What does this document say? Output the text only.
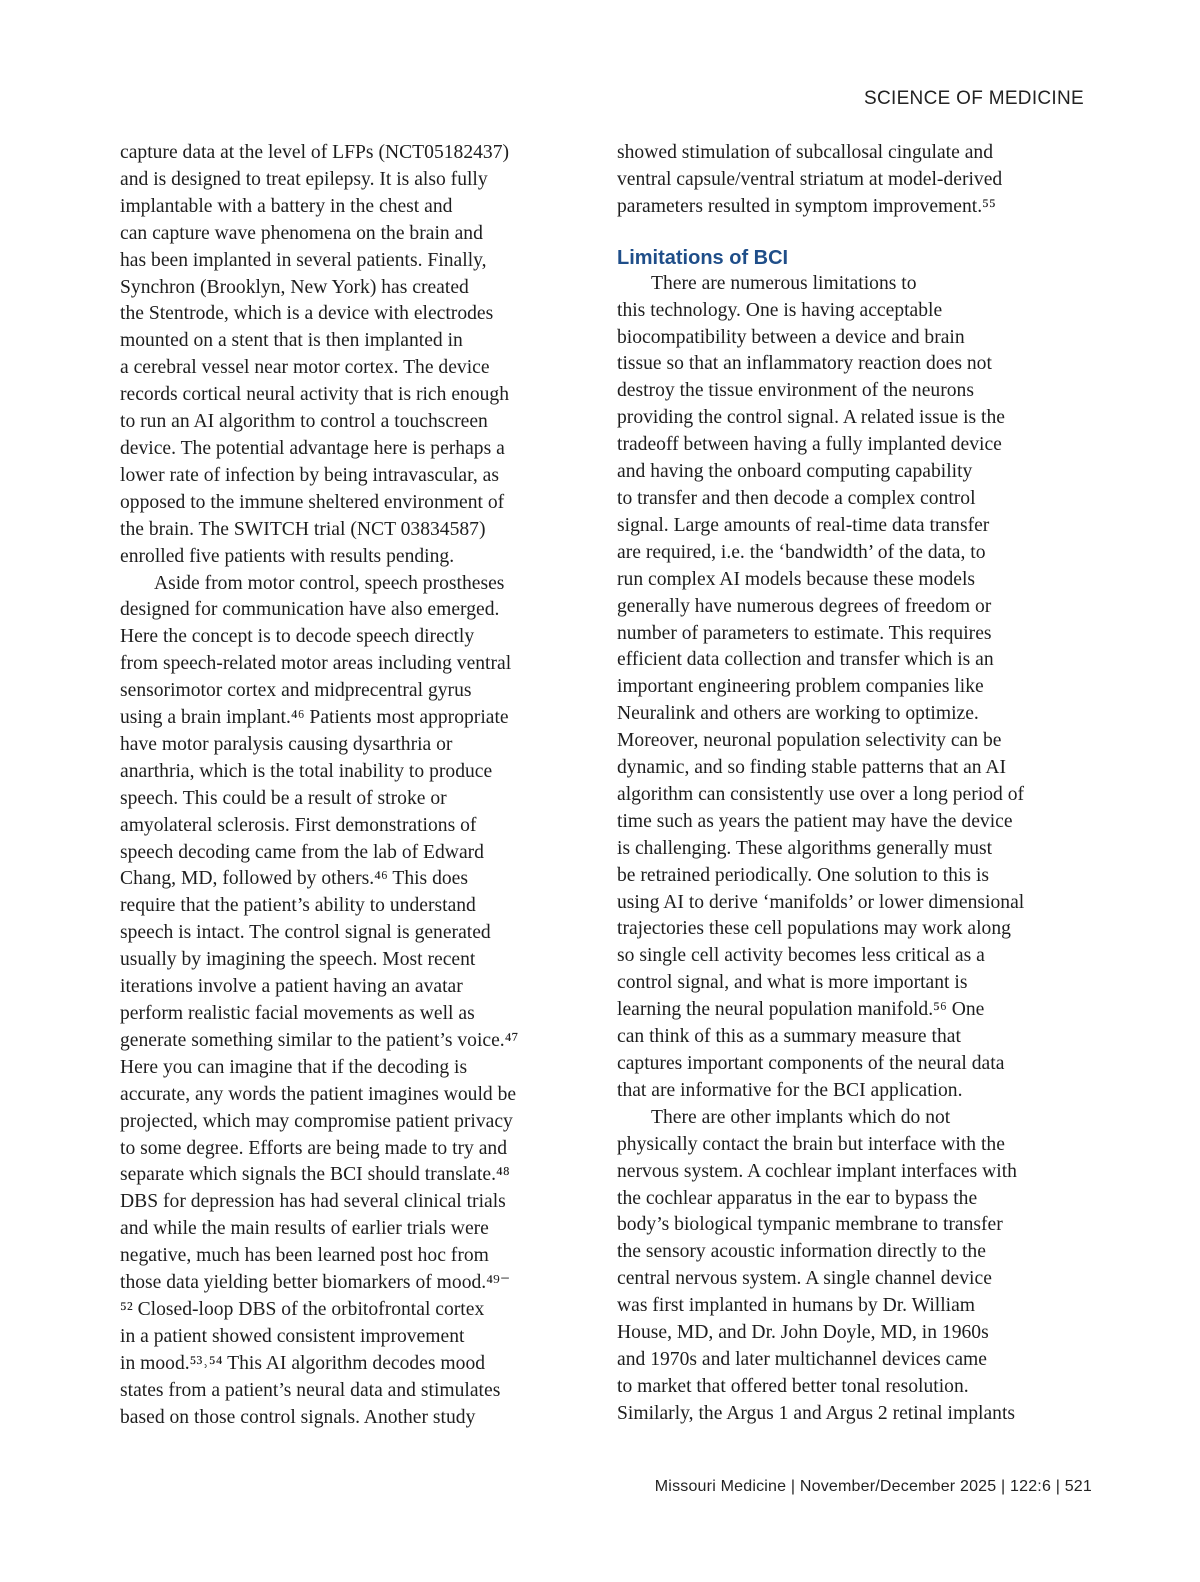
SCIENCE OF MEDICINE

capture data at the level of LFPs (NCT05182437)
and is designed to treat epilepsy. It is also fully
implantable with a battery in the chest and
can capture wave phenomena on the brain and
has been implanted in several patients. Finally,
Synchron (Brooklyn, New York) has created
the Stentrode, which is a device with electrodes
mounted on a stent that is then implanted in
a cerebral vessel near motor cortex. The device
records cortical neural activity that is rich enough
to run an AI algorithm to control a touchscreen
device. The potential advantage here is perhaps a
lower rate of infection by being intravascular, as
opposed to the immune sheltered environment of
the brain. The SWITCH trial (NCT 03834587)
enrolled five patients with results pending.

Aside from motor control, speech prostheses
designed for communication have also emerged.
Here the concept is to decode speech directly
from speech-related motor areas including ventral
sensorimotor cortex and midprecentral gyrus
using a brain implant.⁴⁶ Patients most appropriate
have motor paralysis causing dysarthria or
anarthria, which is the total inability to produce
speech. This could be a result of stroke or
amyolateral sclerosis. First demonstrations of
speech decoding came from the lab of Edward
Chang, MD, followed by others.⁴⁶ This does
require that the patient’s ability to understand
speech is intact. The control signal is generated
usually by imagining the speech. Most recent
iterations involve a patient having an avatar
perform realistic facial movements as well as
generate something similar to the patient’s voice.⁴⁷
Here you can imagine that if the decoding is
accurate, any words the patient imagines would be
projected, which may compromise patient privacy
to some degree. Efforts are being made to try and
separate which signals the BCI should translate.⁴⁸
DBS for depression has had several clinical trials
and while the main results of earlier trials were
negative, much has been learned post hoc from
those data yielding better biomarkers of mood.⁴⁹⁻
⁵² Closed-loop DBS of the orbitofrontal cortex
in a patient showed consistent improvement
in mood.⁵³˒⁵⁴ This AI algorithm decodes mood
states from a patient’s neural data and stimulates
based on those control signals. Another study

showed stimulation of subcallosal cingulate and
ventral capsule/ventral striatum at model-derived
parameters resulted in symptom improvement.⁵⁵

Limitations of BCI

There are numerous limitations to
this technology. One is having acceptable
biocompatibility between a device and brain
tissue so that an inflammatory reaction does not
destroy the tissue environment of the neurons
providing the control signal. A related issue is the
tradeoff between having a fully implanted device
and having the onboard computing capability
to transfer and then decode a complex control
signal. Large amounts of real-time data transfer
are required, i.e. the ‘bandwidth’ of the data, to
run complex AI models because these models
generally have numerous degrees of freedom or
number of parameters to estimate. This requires
efficient data collection and transfer which is an
important engineering problem companies like
Neuralink and others are working to optimize.
Moreover, neuronal population selectivity can be
dynamic, and so finding stable patterns that an AI
algorithm can consistently use over a long period of
time such as years the patient may have the device
is challenging. These algorithms generally must
be retrained periodically. One solution to this is
using AI to derive ‘manifolds’ or lower dimensional
trajectories these cell populations may work along
so single cell activity becomes less critical as a
control signal, and what is more important is
learning the neural population manifold.⁵⁶ One
can think of this as a summary measure that
captures important components of the neural data
that are informative for the BCI application.

There are other implants which do not
physically contact the brain but interface with the
nervous system. A cochlear implant interfaces with
the cochlear apparatus in the ear to bypass the
body’s biological tympanic membrane to transfer
the sensory acoustic information directly to the
central nervous system. A single channel device
was first implanted in humans by Dr. William
House, MD, and Dr. John Doyle, MD, in 1960s
and 1970s and later multichannel devices came
to market that offered better tonal resolution.
Similarly, the Argus 1 and Argus 2 retinal implants

Missouri Medicine | November/December 2025 | 122:6 | 521
